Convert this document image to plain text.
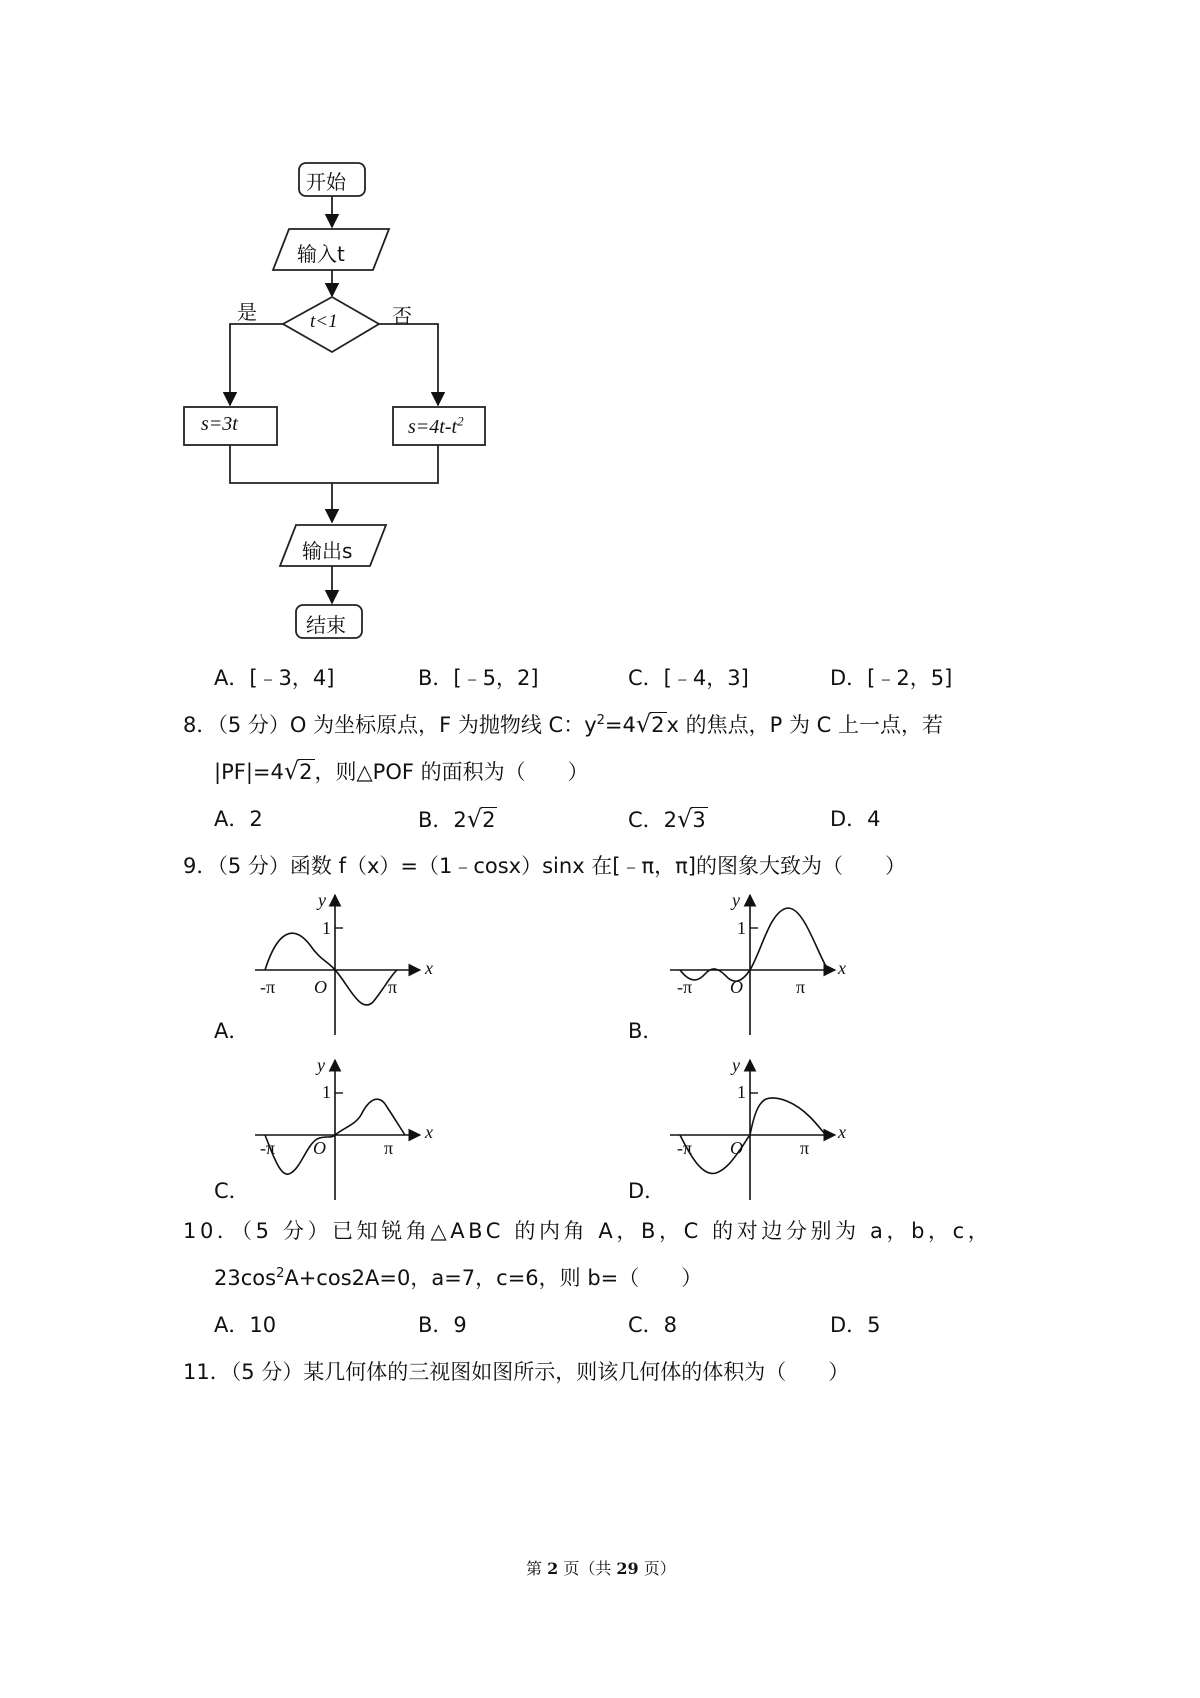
开始
输入t
t<1
是	否
s=3t	$s=4t-t^2$
输出s
结束
A．[﹣3，4]	B．[﹣5，2]	C．[﹣4，3]	D．[﹣2，5]
8．（5 分）O 为坐标原点，F 为抛物线 C：$y^2=4√2x$ 的焦点，P 为 C 上一点，若
|PF|=4√2，则△POF 的面积为（　　）
A．2	B．2√2	C．2√3	D．4
9．（5 分）函数 f（x）=（1﹣cosx）sinx 在[﹣π，π]的图象大致为（　　）
y
1
-π O	π
x
A．
y
1
-π O	π
x
B．
y
1
-π O	π
x
C．
y
1
-π O	π
x
D．
10．（5 分）已知锐角△ABC 的内角 A，B，C 的对边分别为 a，b，c，
$23\cos^2A+\cos 2A=0$，a=7，c=6，则 b=（　　）
A．10	B．9	C．8	D．5
11．（5 分）某几何体的三视图如图所示，则该几何体的体积为（　　）
第 2 页（共 29 页）
